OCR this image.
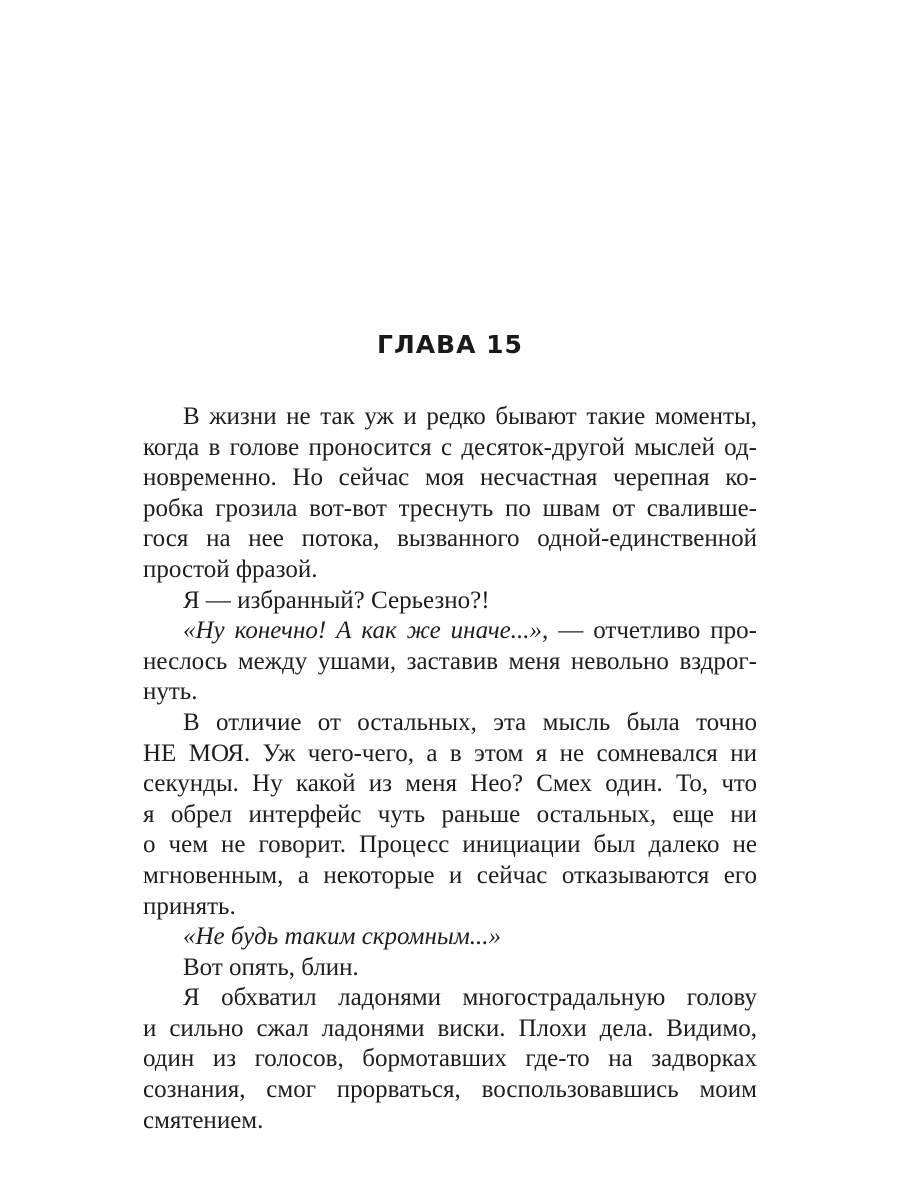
ГЛАВА 15
В жизни не так уж и редко бывают такие моменты,
когда в голове проносится с десяток-другой мыслей од-
новременно. Но сейчас моя несчастная черепная ко-
робка грозила вот-вот треснуть по швам от сваливше-
гося на нее потока, вызванного одной-единственной
простой фразой.
Я — избранный? Серьезно?!
«Ну конечно! А как же иначе...», — отчетливо про-
неслось между ушами, заставив меня невольно вздрог-
нуть.
В отличие от остальных, эта мысль была точно
НЕ МОЯ. Уж чего-чего, а в этом я не сомневался ни
секунды. Ну какой из меня Нео? Смех один. То, что
я обрел интерфейс чуть раньше остальных, еще ни
о чем не говорит. Процесс инициации был далеко не
мгновенным, а некоторые и сейчас отказываются его
принять.
«Не будь таким скромным...»
Вот опять, блин.
Я обхватил ладонями многострадальную голову
и сильно сжал ладонями виски. Плохи дела. Видимо,
один из голосов, бормотавших где-то на задворках
сознания, смог прорваться, воспользовавшись моим
смятением.
